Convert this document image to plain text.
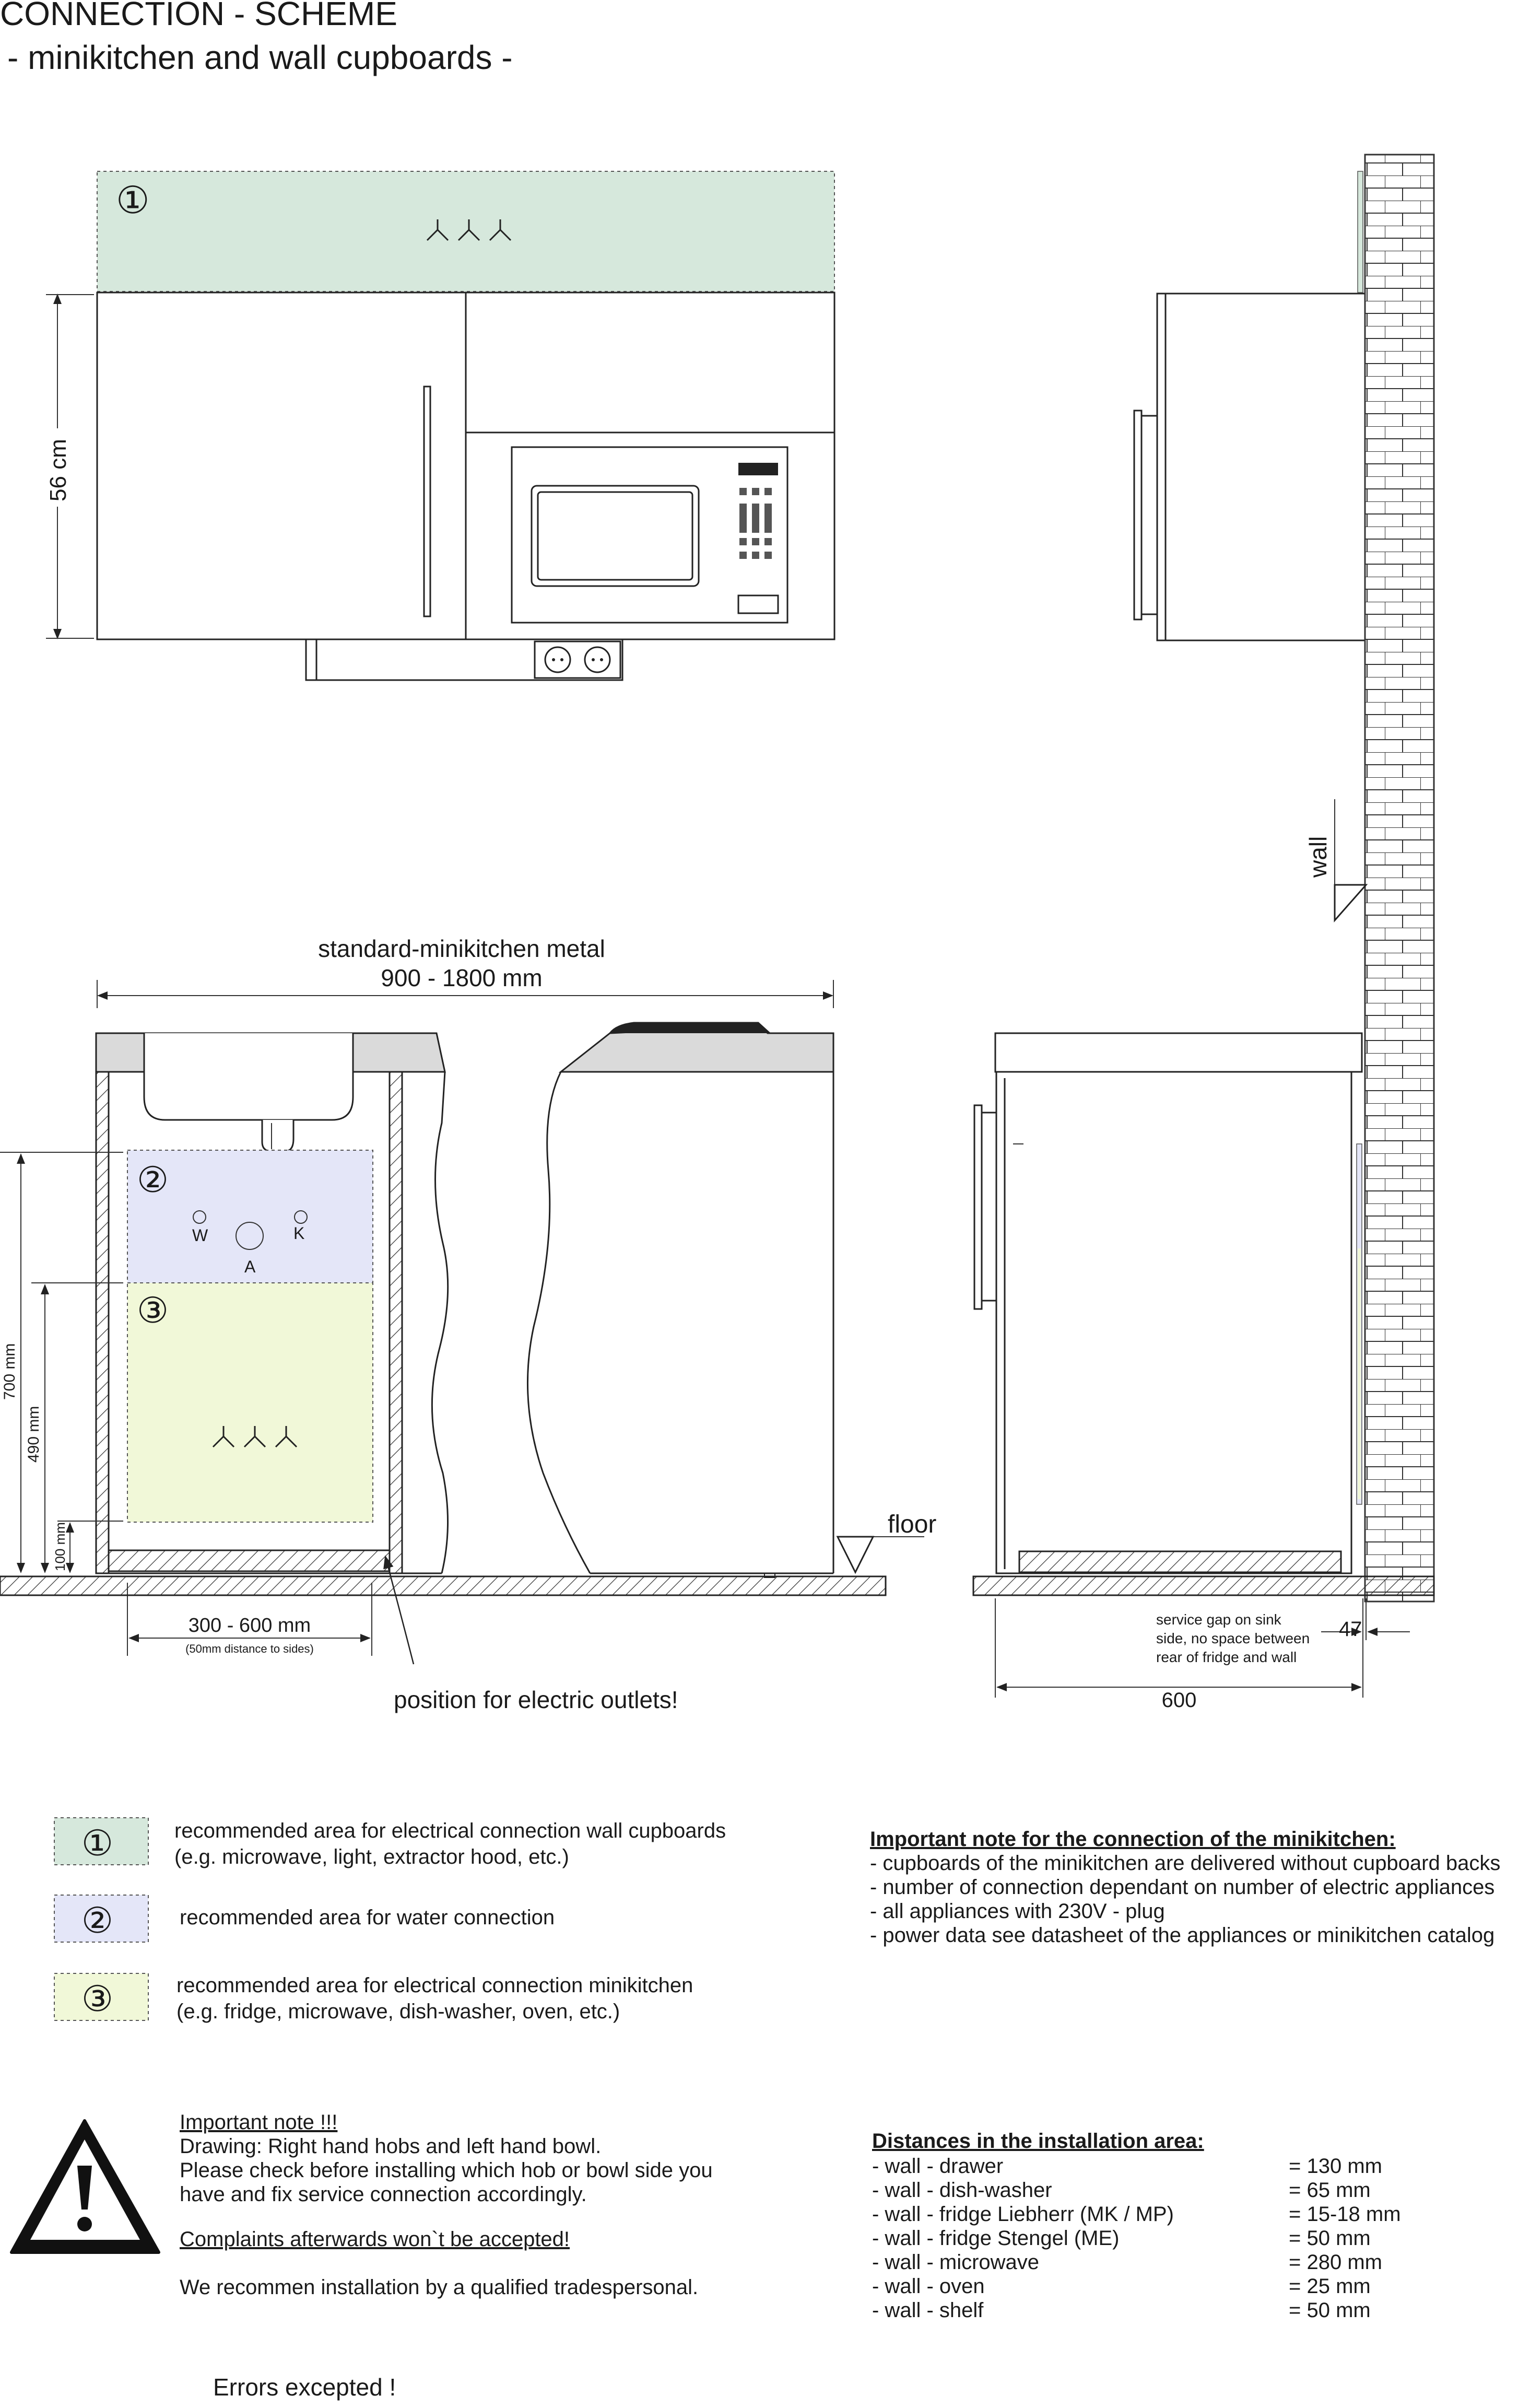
CONNECTION - SCHEME
- minikitchen and wall cupboards -
①
56 cm
wall
standard-minikitchen metal
900 - 1800 mm
②
W	K
A
③
700 mm
490 mm
100 mm
300 - 600 mm
(50mm distance to sides)
position for electric outlets!
floor
service gap on sink
side, no space between
rear of fridge and wall
47
600
①	recommended area for electrical connection wall cupboards
(e.g. microwave, light, extractor hood, etc.)
②	recommended area for water connection
③	recommended area for electrical connection minikitchen
(e.g. fridge, microwave, dish-washer, oven, etc.)
Important note for the connection of the minikitchen:
- cupboards of the minikitchen are delivered without cupboard backs
- number of connection dependant on number of electric appliances
- all appliances with 230V - plug
- power data see datasheet of the appliances or minikitchen catalog
Important note !!!
Drawing: Right hand hobs and left hand bowl.
Please check before installing which hob or bowl side you
have and fix service connection accordingly.
Complaints afterwards won`t be accepted!
We recommen installation by a qualified tradespersonal.
Distances in the installation area:
- wall - drawer	= 130 mm
- wall - dish-washer	= 65 mm
- wall - fridge Liebherr (MK / MP)	= 15-18 mm
- wall - fridge Stengel (ME)	= 50 mm
- wall - microwave	= 280 mm
- wall - oven	= 25 mm
- wall - shelf	= 50 mm
Errors excepted !
